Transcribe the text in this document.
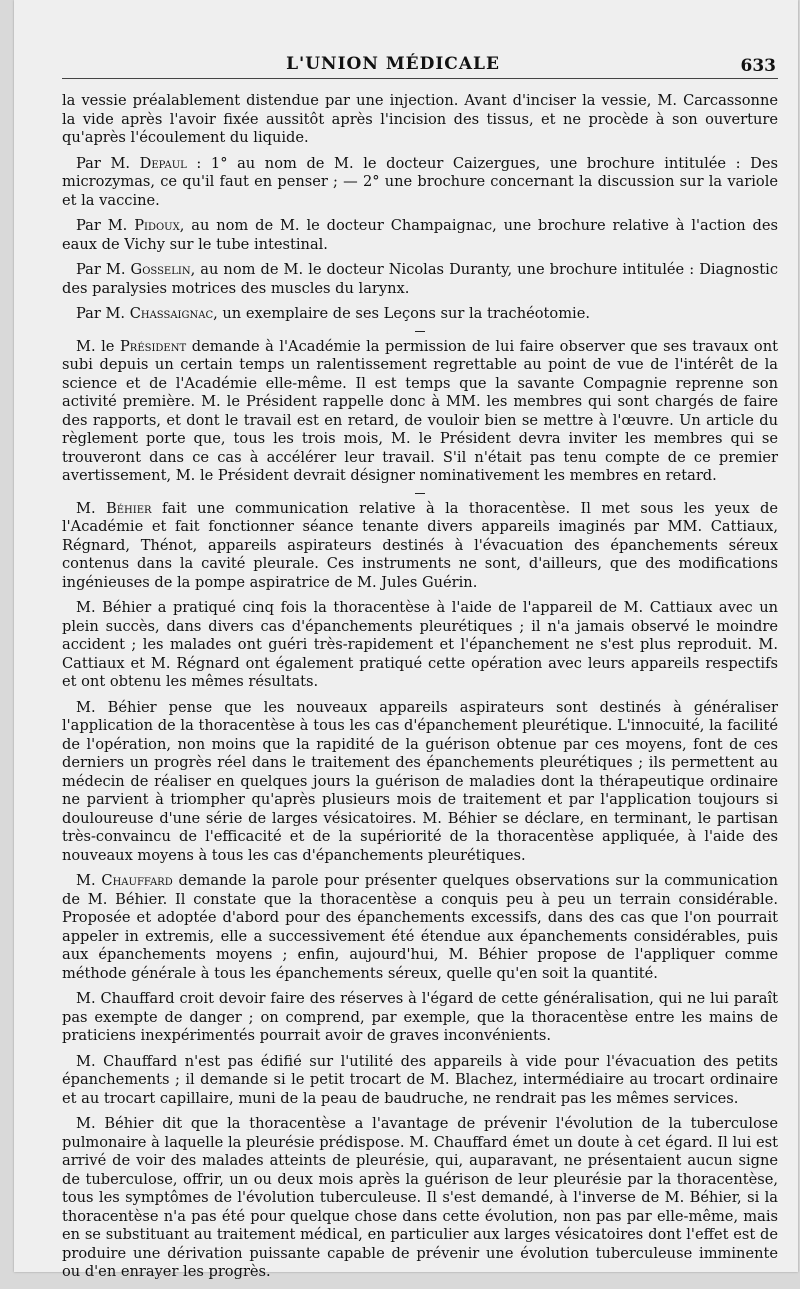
L'UNION MÉDICALE	633

la vessie préalablement distendue par une injection. Avant d'inciser la vessie, M. Carcassonne la vide après l'avoir fixée aussitôt après l'incision des tissus, et ne procède à son ouverture qu'après l'écoulement du liquide.

Par M. Depaul : 1° au nom de M. le docteur Caizergues, une brochure intitulée : Des microzymas, ce qu'il faut en penser ; — 2° une brochure concernant la discussion sur la variole et la vaccine.

Par M. Pidoux, au nom de M. le docteur Champaignac, une brochure relative à l'action des eaux de Vichy sur le tube intestinal.

Par M. Gosselin, au nom de M. le docteur Nicolas Duranty, une brochure intitulée : Diagnostic des paralysies motrices des muscles du larynx.

Par M. Chassaignac, un exemplaire de ses Leçons sur la trachéotomie.

M. le Président demande à l'Académie la permission de lui faire observer que ses travaux ont subi depuis un certain temps un ralentissement regrettable au point de vue de l'intérêt de la science et de l'Académie elle-même. Il est temps que la savante Compagnie reprenne son activité première. M. le Président rappelle donc à MM. les membres qui sont chargés de faire des rapports, et dont le travail est en retard, de vouloir bien se mettre à l'œuvre. Un article du règlement porte que, tous les trois mois, M. le Président devra inviter les membres qui se trouveront dans ce cas à accélérer leur travail. S'il n'était pas tenu compte de ce premier avertissement, M. le Président devrait désigner nominativement les membres en retard.

M. Béhier fait une communication relative à la thoracentèse. Il met sous les yeux de l'Académie et fait fonctionner séance tenante divers appareils imaginés par MM. Cattiaux, Régnard, Thénot, appareils aspirateurs destinés à l'évacuation des épanchements séreux contenus dans la cavité pleurale. Ces instruments ne sont, d'ailleurs, que des modifications ingénieuses de la pompe aspiratrice de M. Jules Guérin.

M. Béhier a pratiqué cinq fois la thoracentèse à l'aide de l'appareil de M. Cattiaux avec un plein succès, dans divers cas d'épanchements pleurétiques ; il n'a jamais observé le moindre accident ; les malades ont guéri très-rapidement et l'épanchement ne s'est plus reproduit. M. Cattiaux et M. Régnard ont également pratiqué cette opération avec leurs appareils respectifs et ont obtenu les mêmes résultats.

M. Béhier pense que les nouveaux appareils aspirateurs sont destinés à généraliser l'application de la thoracentèse à tous les cas d'épanchement pleurétique. L'innocuité, la facilité de l'opération, non moins que la rapidité de la guérison obtenue par ces moyens, font de ces derniers un progrès réel dans le traitement des épanchements pleurétiques ; ils permettent au médecin de réaliser en quelques jours la guérison de maladies dont la thérapeutique ordinaire ne parvient à triompher qu'après plusieurs mois de traitement et par l'application toujours si douloureuse d'une série de larges vésicatoires. M. Béhier se déclare, en terminant, le partisan très-convaincu de l'efficacité et de la supériorité de la thoracentèse appliquée, à l'aide des nouveaux moyens à tous les cas d'épanchements pleurétiques.

M. Chauffard demande la parole pour présenter quelques observations sur la communication de M. Béhier. Il constate que la thoracentèse a conquis peu à peu un terrain considérable. Proposée et adoptée d'abord pour des épanchements excessifs, dans des cas que l'on pourrait appeler in extremis, elle a successivement été étendue aux épanchements considérables, puis aux épanchements moyens ; enfin, aujourd'hui, M. Béhier propose de l'appliquer comme méthode générale à tous les épanchements séreux, quelle qu'en soit la quantité.

M. Chauffard croit devoir faire des réserves à l'égard de cette généralisation, qui ne lui paraît pas exempte de danger ; on comprend, par exemple, que la thoracentèse entre les mains de praticiens inexpérimentés pourrait avoir de graves inconvénients.

M. Chauffard n'est pas édifié sur l'utilité des appareils à vide pour l'évacuation des petits épanchements ; il demande si le petit trocart de M. Blachez, intermédiaire au trocart ordinaire et au trocart capillaire, muni de la peau de baudruche, ne rendrait pas les mêmes services.

M. Béhier dit que la thoracentèse a l'avantage de prévenir l'évolution de la tuberculose pulmonaire à laquelle la pleurésie prédispose. M. Chauffard émet un doute à cet égard. Il lui est arrivé de voir des malades atteints de pleurésie, qui, auparavant, ne présentaient aucun signe de tuberculose, offrir, un ou deux mois après la guérison de leur pleurésie par la thoracentèse, tous les symptômes de l'évolution tuberculeuse. Il s'est demandé, à l'inverse de M. Béhier, si la thoracentèse n'a pas été pour quelque chose dans cette évolution, non pas par elle-même, mais en se substituant au traitement médical, en particulier aux larges vésicatoires dont l'effet est de produire une dérivation puissante capable de prévenir une évolution tuberculeuse imminente ou d'en enrayer les progrès.
